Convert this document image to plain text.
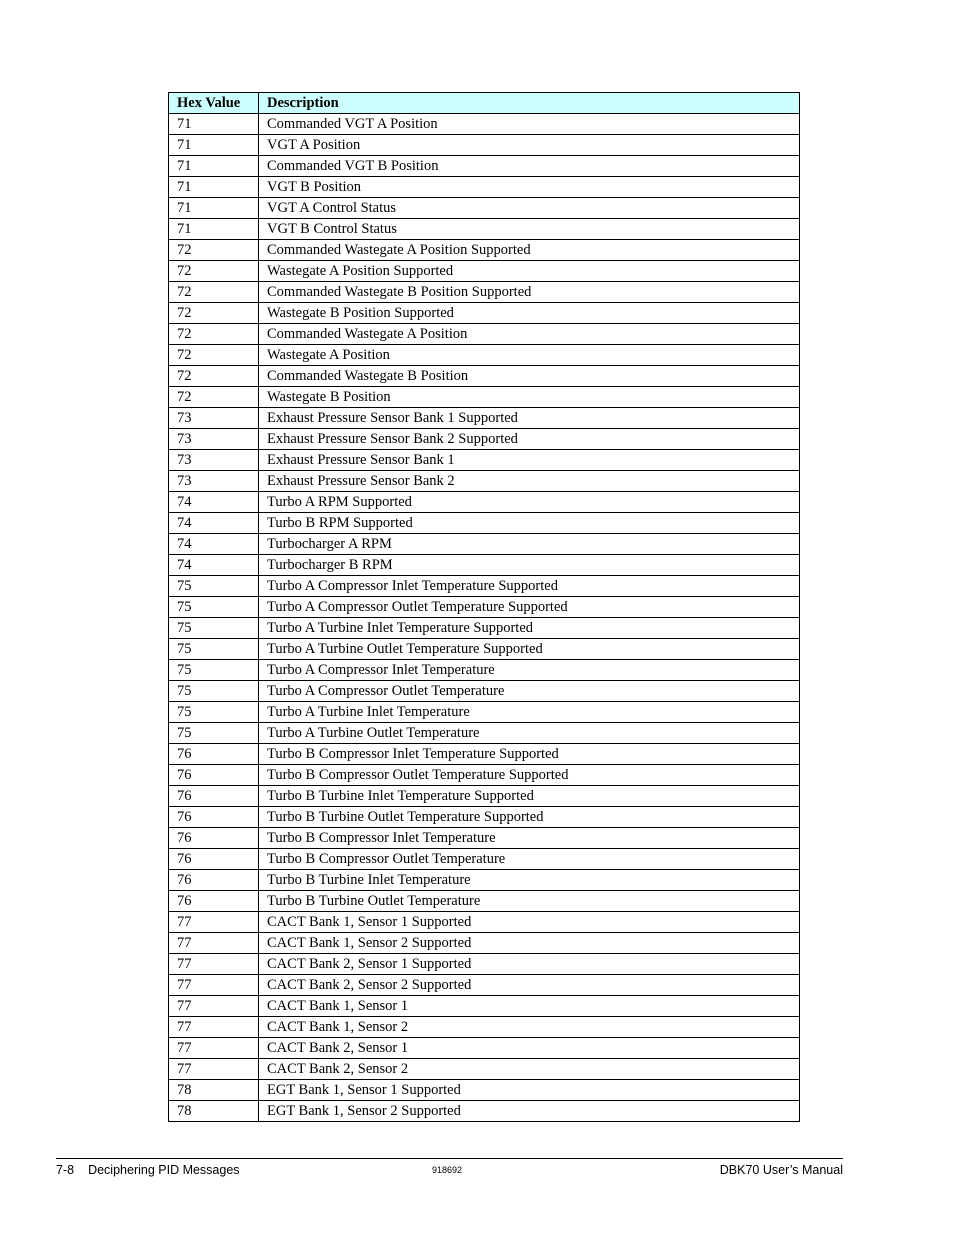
Hex Value	Description
71	Commanded VGT A Position
71	VGT A Position
71	Commanded VGT B Position
71	VGT B Position
71	VGT A Control Status
71	VGT B Control Status
72	Commanded Wastegate A Position Supported
72	Wastegate A Position Supported
72	Commanded Wastegate B Position Supported
72	Wastegate B Position Supported
72	Commanded Wastegate A Position
72	Wastegate A Position
72	Commanded Wastegate B Position
72	Wastegate B Position
73	Exhaust Pressure Sensor Bank 1 Supported
73	Exhaust Pressure Sensor Bank 2 Supported
73	Exhaust Pressure Sensor Bank 1
73	Exhaust Pressure Sensor Bank 2
74	Turbo A RPM Supported
74	Turbo B RPM Supported
74	Turbocharger A RPM
74	Turbocharger B RPM
75	Turbo A Compressor Inlet Temperature Supported
75	Turbo A Compressor Outlet Temperature Supported
75	Turbo A Turbine Inlet Temperature Supported
75	Turbo A Turbine Outlet Temperature Supported
75	Turbo A Compressor Inlet Temperature
75	Turbo A Compressor Outlet Temperature
75	Turbo A Turbine Inlet Temperature
75	Turbo A Turbine Outlet Temperature
76	Turbo B Compressor Inlet Temperature Supported
76	Turbo B Compressor Outlet Temperature Supported
76	Turbo B Turbine Inlet Temperature Supported
76	Turbo B Turbine Outlet Temperature Supported
76	Turbo B Compressor Inlet Temperature
76	Turbo B Compressor Outlet Temperature
76	Turbo B Turbine Inlet Temperature
76	Turbo B Turbine Outlet Temperature
77	CACT Bank 1, Sensor 1 Supported
77	CACT Bank 1, Sensor 2 Supported
77	CACT Bank 2, Sensor 1 Supported
77	CACT Bank 2, Sensor 2 Supported
77	CACT Bank 1, Sensor 1
77	CACT Bank 1, Sensor 2
77	CACT Bank 2, Sensor 1
77	CACT Bank 2, Sensor 2
78	EGT Bank 1, Sensor 1 Supported
78	EGT Bank 1, Sensor 2 Supported
7-8 Deciphering PID Messages	918692	DBK70 User’s Manual
